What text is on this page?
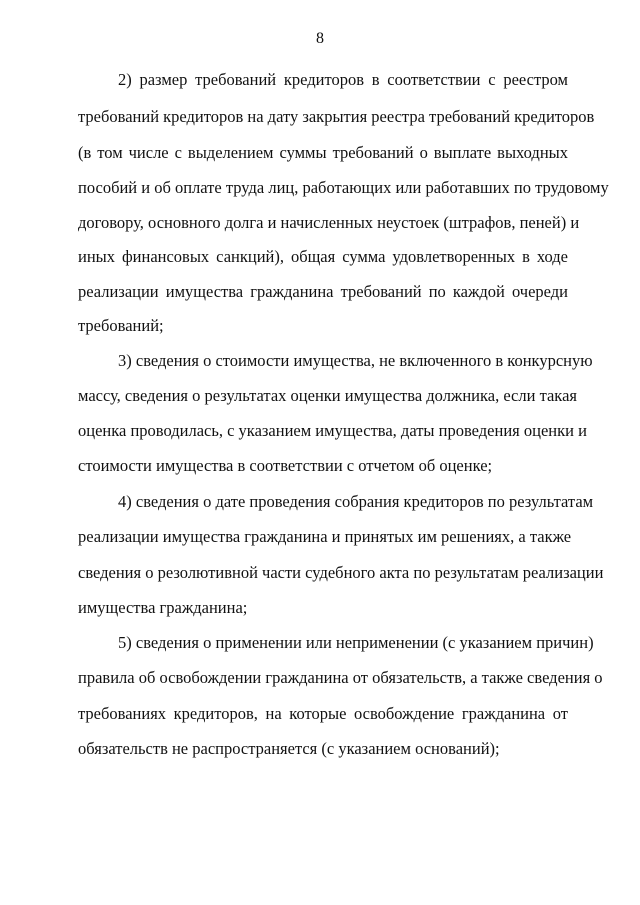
8
2) размер требований кредиторов в соответствии с реестром
требований кредиторов на дату закрытия реестра требований кредиторов
(в том числе с выделением суммы требований о выплате выходных
пособий и об оплате труда лиц, работающих или работавших по трудовому
договору, основного долга и начисленных неустоек (штрафов, пеней) и
иных финансовых санкций), общая сумма удовлетворенных в ходе
реализации имущества гражданина требований по каждой очереди
требований;
3) сведения о стоимости имущества, не включенного в конкурсную
массу, сведения о результатах оценки имущества должника, если такая
оценка проводилась, с указанием имущества, даты проведения оценки и
стоимости имущества в соответствии с отчетом об оценке;
4) сведения о дате проведения собрания кредиторов по результатам
реализации имущества гражданина и принятых им решениях, а также
сведения о резолютивной части судебного акта по результатам реализации
имущества гражданина;
5) сведения о применении или неприменении (с указанием причин)
правила об освобождении гражданина от обязательств, а также сведения о
требованиях кредиторов, на которые освобождение гражданина от
обязательств не распространяется (с указанием оснований);
